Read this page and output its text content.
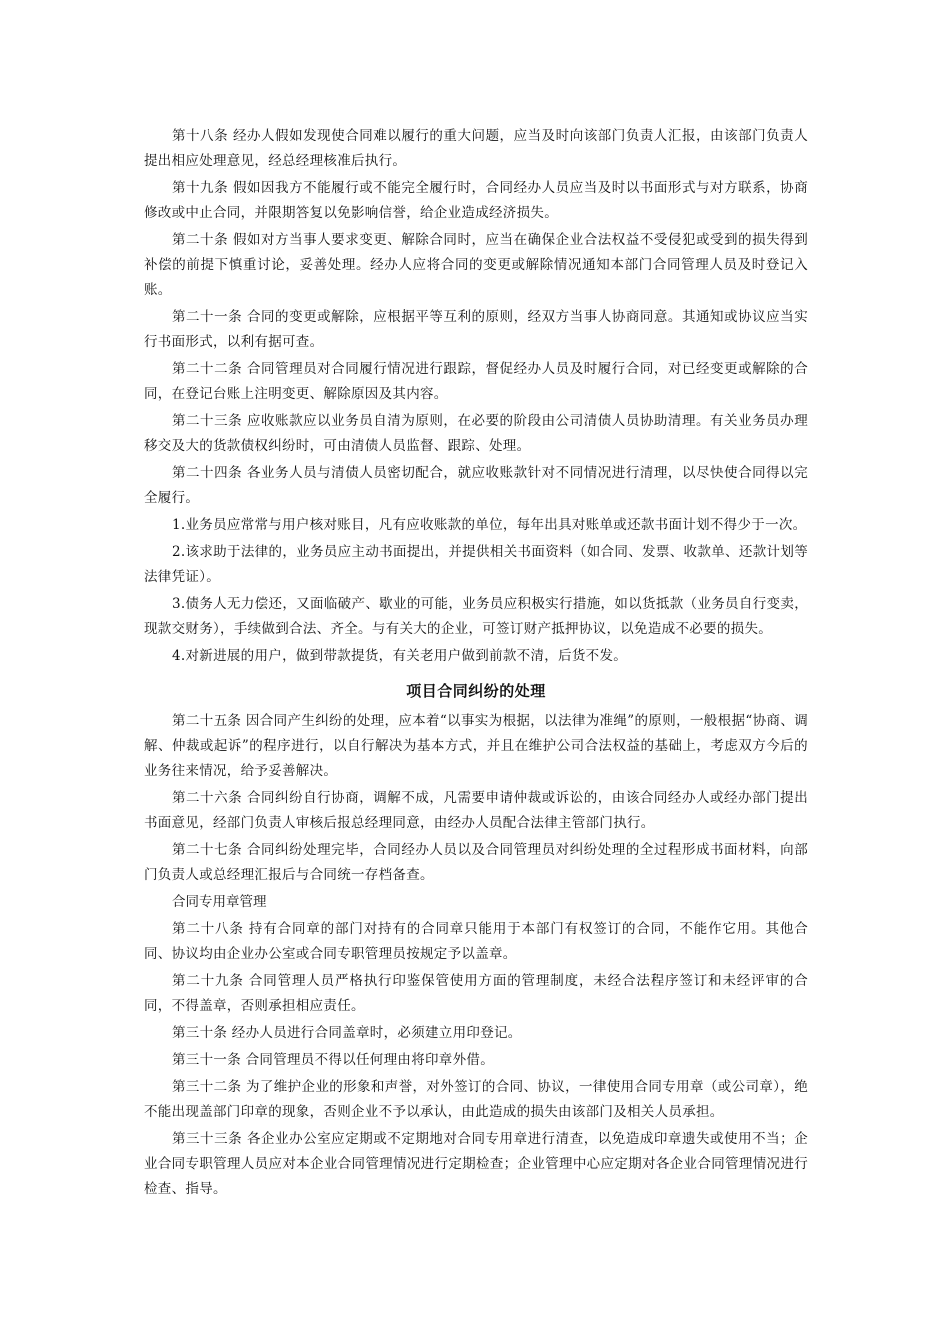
第十八条 经办人假如发现使合同难以履行的重大问题，应当及时向该部门负责人汇报，由该部门负责人提出相应处理意见，经总经理核准后执行。

第十九条 假如因我方不能履行或不能完全履行时，合同经办人员应当及时以书面形式与对方联系，协商修改或中止合同，并限期答复以免影响信誉，给企业造成经济损失。

第二十条 假如对方当事人要求变更、解除合同时，应当在确保企业合法权益不受侵犯或受到的损失得到补偿的前提下慎重讨论，妥善处理。经办人应将合同的变更或解除情况通知本部门合同管理人员及时登记入账。

第二十一条 合同的变更或解除，应根据平等互利的原则，经双方当事人协商同意。其通知或协议应当实行书面形式，以利有据可查。

第二十二条 合同管理员对合同履行情况进行跟踪，督促经办人员及时履行合同，对已经变更或解除的合同，在登记台账上注明变更、解除原因及其内容。

第二十三条 应收账款应以业务员自清为原则，在必要的阶段由公司清债人员协助清理。有关业务员办理移交及大的货款债权纠纷时，可由清债人员监督、跟踪、处理。

第二十四条 各业务人员与清债人员密切配合，就应收账款针对不同情况进行清理，以尽快使合同得以完全履行。

1.业务员应常常与用户核对账目，凡有应收账款的单位，每年出具对账单或还款书面计划不得少于一次。

2.该求助于法律的，业务员应主动书面提出，并提供相关书面资料（如合同、发票、收款单、还款计划等法律凭证）。

3.债务人无力偿还，又面临破产、歇业的可能，业务员应积极实行措施，如以货抵款（业务员自行变卖，现款交财务），手续做到合法、齐全。与有关大的企业，可签订财产抵押协议，以免造成不必要的损失。

4.对新进展的用户，做到带款提货，有关老用户做到前款不清，后货不发。

项目合同纠纷的处理

第二十五条 因合同产生纠纷的处理，应本着“以事实为根据，以法律为准绳”的原则，一般根据“协商、调解、仲裁或起诉”的程序进行，以自行解决为基本方式，并且在维护公司合法权益的基础上，考虑双方今后的业务往来情况，给予妥善解决。

第二十六条 合同纠纷自行协商，调解不成，凡需要申请仲裁或诉讼的，由该合同经办人或经办部门提出书面意见，经部门负责人审核后报总经理同意，由经办人员配合法律主管部门执行。

第二十七条 合同纠纷处理完毕，合同经办人员以及合同管理员对纠纷处理的全过程形成书面材料，向部门负责人或总经理汇报后与合同统一存档备查。

合同专用章管理

第二十八条 持有合同章的部门对持有的合同章只能用于本部门有权签订的合同，不能作它用。其他合同、协议均由企业办公室或合同专职管理员按规定予以盖章。

第二十九条 合同管理人员严格执行印鉴保管使用方面的管理制度，未经合法程序签订和未经评审的合同，不得盖章，否则承担相应责任。

第三十条 经办人员进行合同盖章时，必须建立用印登记。

第三十一条 合同管理员不得以任何理由将印章外借。

第三十二条 为了维护企业的形象和声誉，对外签订的合同、协议，一律使用合同专用章（或公司章），绝不能出现盖部门印章的现象，否则企业不予以承认，由此造成的损失由该部门及相关人员承担。

第三十三条 各企业办公室应定期或不定期地对合同专用章进行清查，以免造成印章遗失或使用不当；企业合同专职管理人员应对本企业合同管理情况进行定期检查；企业管理中心应定期对各企业合同管理情况进行检查、指导。
